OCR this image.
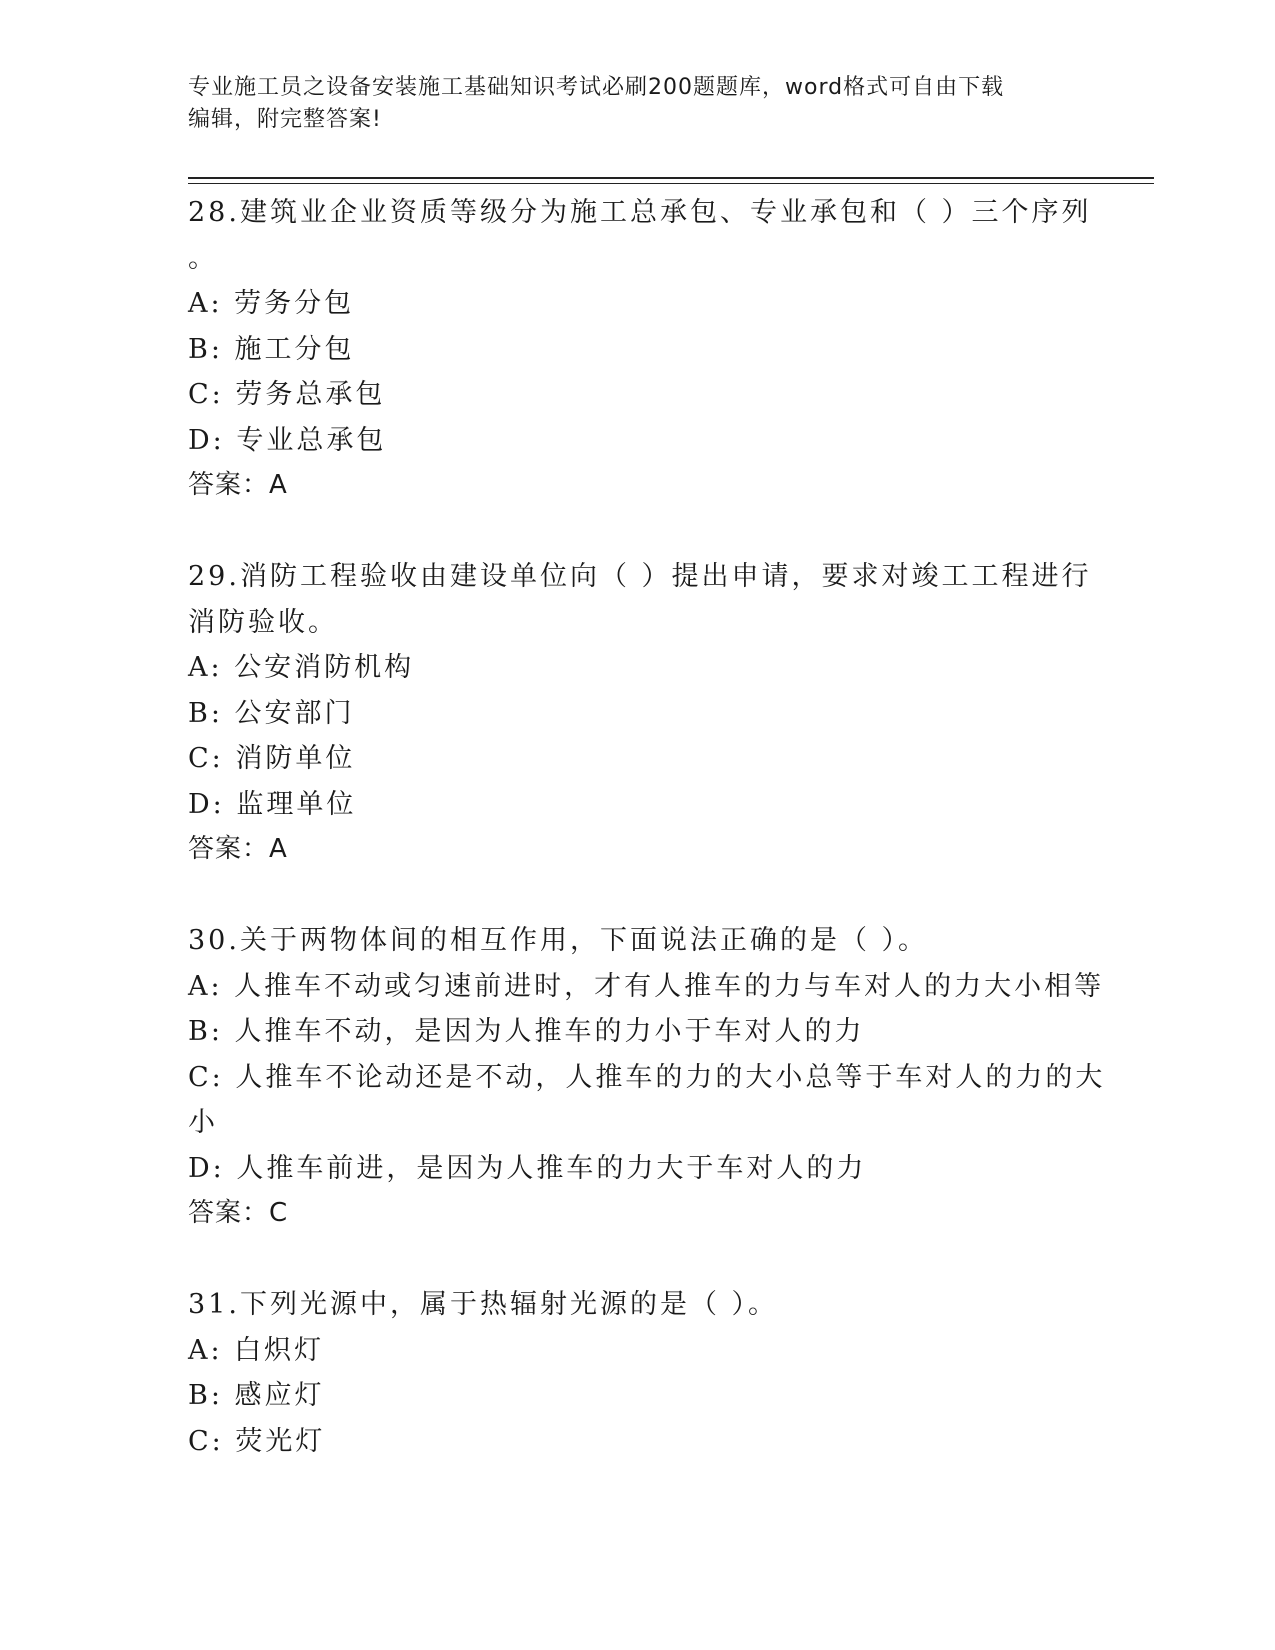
专业施工员之设备安装施工基础知识考试必刷200题题库，word格式可自由下载
编辑，附完整答案!
28.建筑业企业资质等级分为施工总承包、专业承包和（ ）三个序列
。
A: 劳务分包
B: 施工分包
C: 劳务总承包
D: 专业总承包
答案：A
29.消防工程验收由建设单位向（ ）提出申请，要求对竣工工程进行
消防验收。
A: 公安消防机构
B: 公安部门
C: 消防单位
D: 监理单位
答案：A
30.关于两物体间的相互作用，下面说法正确的是（ ）。
A: 人推车不动或匀速前进时，才有人推车的力与车对人的力大小相等
B: 人推车不动，是因为人推车的力小于车对人的力
C: 人推车不论动还是不动，人推车的力的大小总等于车对人的力的大
小
D: 人推车前进，是因为人推车的力大于车对人的力
答案：C
31.下列光源中，属于热辐射光源的是（ ）。
A: 白炽灯
B: 感应灯
C: 荧光灯
